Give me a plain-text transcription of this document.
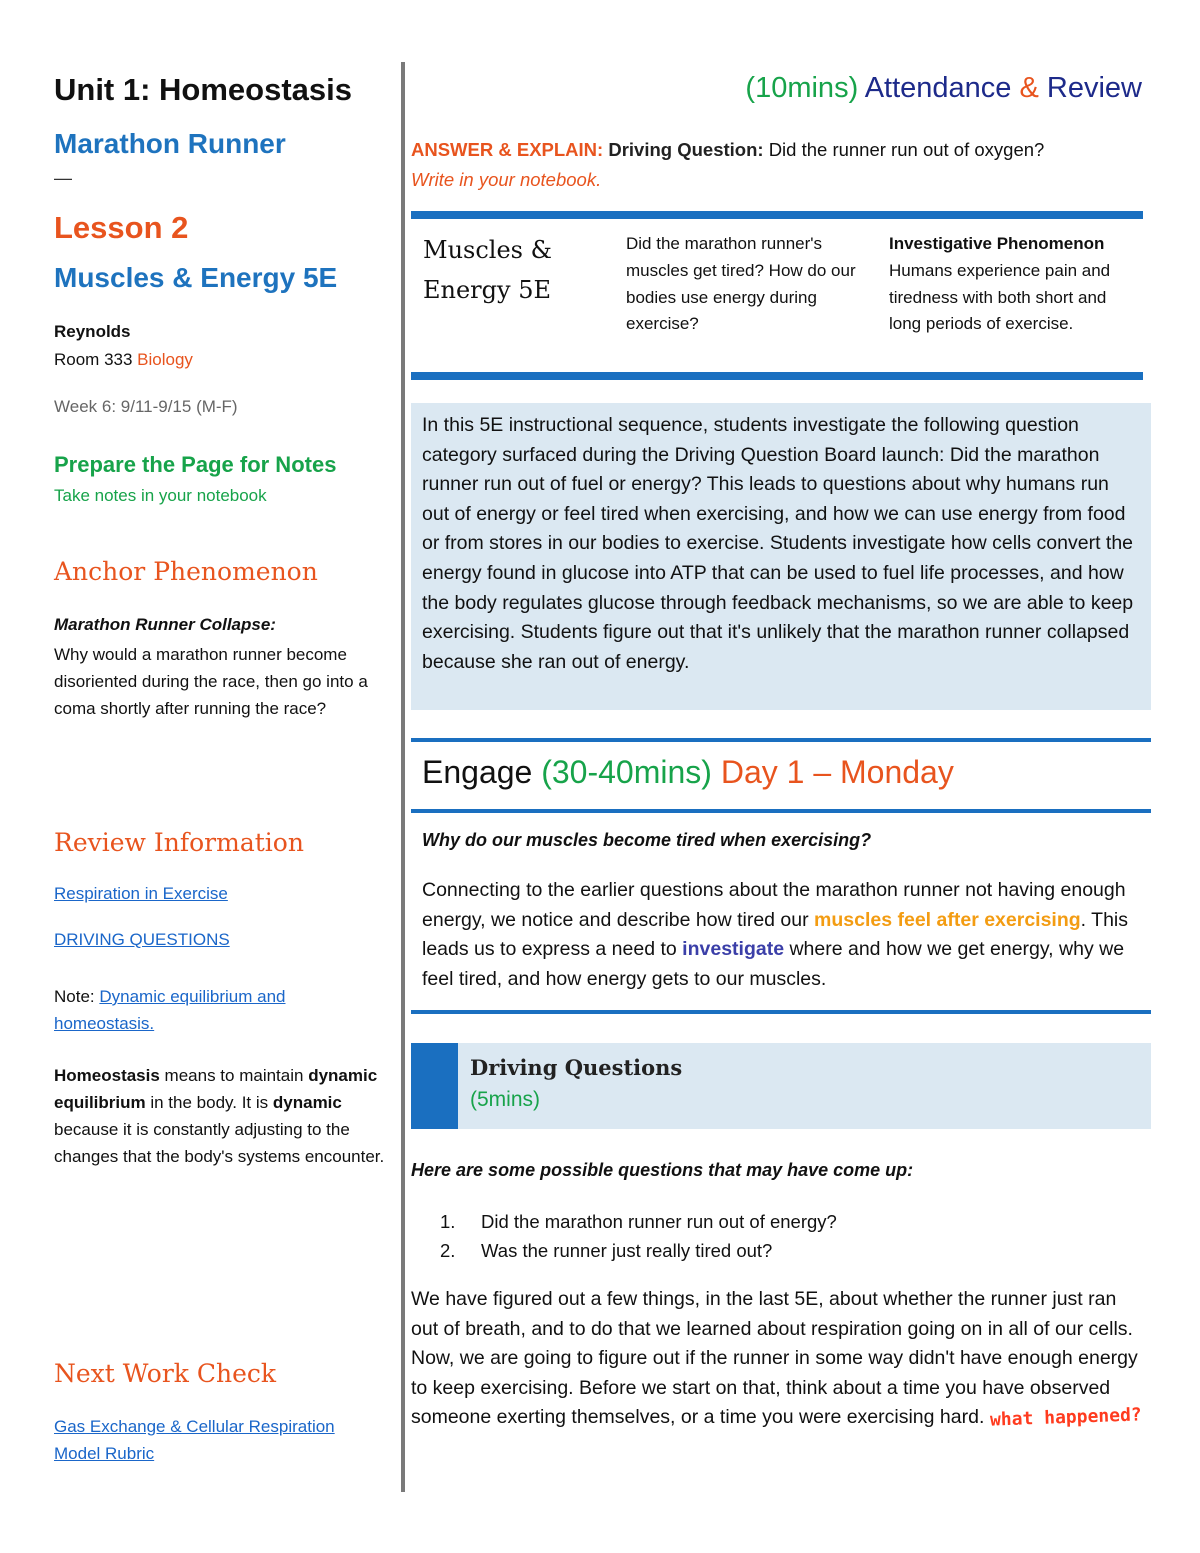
Unit 1: Homeostasis
Marathon Runner
—
Lesson 2
Muscles & Energy 5E
Reynolds
Room 333 Biology
Week 6: 9/11-9/15 (M-F)
Prepare the Page for Notes
Take notes in your notebook
Anchor Phenomenon
Marathon Runner Collapse:
Why would a marathon runner become disoriented during the race, then go into a coma shortly after running the race?
Review Information
Respiration in Exercise
DRIVING QUESTIONS
Note: Dynamic equilibrium and homeostasis.
Homeostasis means to maintain dynamic equilibrium in the body. It is dynamic because it is constantly adjusting to the changes that the body's systems encounter.
Next Work Check
Gas Exchange & Cellular Respiration Model Rubric
(10mins) Attendance & Review
ANSWER & EXPLAIN: Driving Question: Did the runner run out of oxygen?
Write in your notebook.
Muscles & Energy 5E
Did the marathon runner's muscles get tired? How do our bodies use energy during exercise?
Investigative Phenomenon
Humans experience pain and tiredness with both short and long periods of exercise.
In this 5E instructional sequence, students investigate the following question category surfaced during the Driving Question Board launch: Did the marathon runner run out of fuel or energy? This leads to questions about why humans run out of energy or feel tired when exercising, and how we can use energy from food or from stores in our bodies to exercise. Students investigate how cells convert the energy found in glucose into ATP that can be used to fuel life processes, and how the body regulates glucose through feedback mechanisms, so we are able to keep exercising. Students figure out that it's unlikely that the marathon runner collapsed because she ran out of energy.
Engage (30-40mins) Day 1 – Monday
Why do our muscles become tired when exercising?
Connecting to the earlier questions about the marathon runner not having enough energy, we notice and describe how tired our muscles feel after exercising. This leads us to express a need to investigate where and how we get energy, why we feel tired, and how energy gets to our muscles.
Driving Questions
(5mins)
Here are some possible questions that may have come up:
1. Did the marathon runner run out of energy?
2. Was the runner just really tired out?
We have figured out a few things, in the last 5E, about whether the runner just ran out of breath, and to do that we learned about respiration going on in all of our cells. Now, we are going to figure out if the runner in some way didn't have enough energy to keep exercising. Before we start on that, think about a time you have observed someone exerting themselves, or a time you were exercising hard. what happened?
